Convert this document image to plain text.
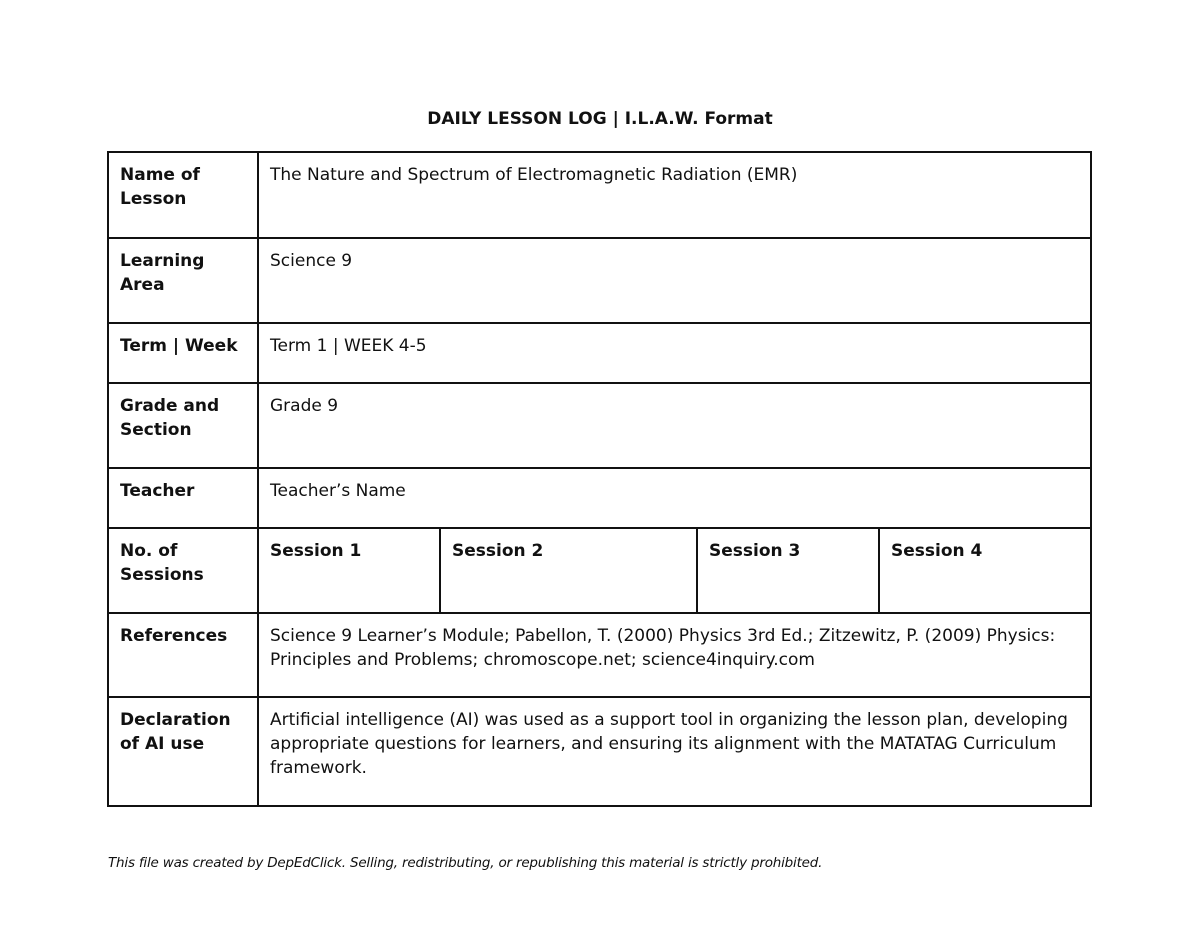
DAILY LESSON LOG | I.L.A.W. Format
Name of Lesson	The Nature and Spectrum of Electromagnetic Radiation (EMR)			
Learning Area	Science 9			
Term | Week	Term 1 | WEEK 4-5			
Grade and Section	Grade 9			
Teacher	Teacher’s Name			
No. of Sessions	Session 1	Session 2	Session 3	Session 4
References	Science 9 Learner’s Module; Pabellon, T. (2000) Physics 3rd Ed.; Zitzewitz, P. (2009) Physics: Principles and Problems; chromoscope.net; science4inquiry.com			
Declaration of AI use	Artificial intelligence (AI) was used as a support tool in organizing the lesson plan, developing appropriate questions for learners, and ensuring its alignment with the MATATAG Curriculum framework.			
This file was created by DepEdClick. Selling, redistributing, or republishing this material is strictly prohibited.
